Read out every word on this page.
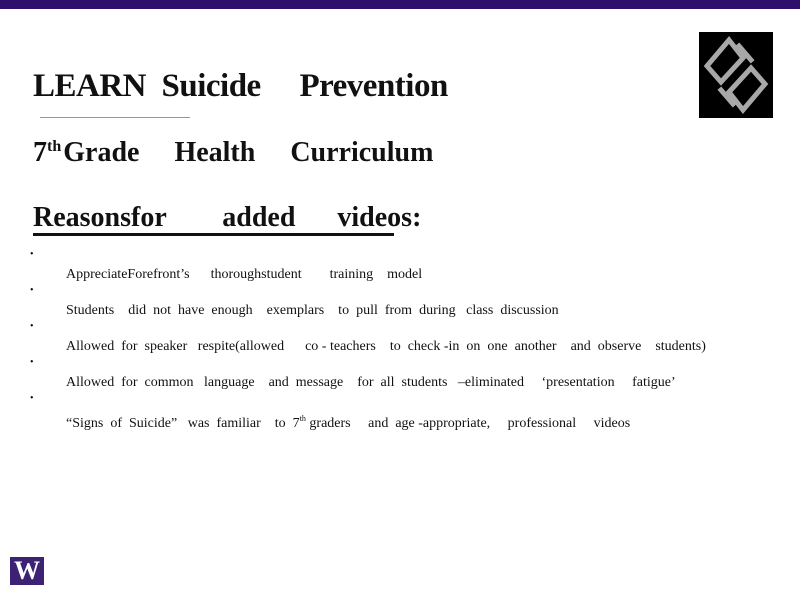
LEARN  Suicide     Prevention
7thGrade     Health     Curriculum
Reasonsfor        added      videos:

•
AppreciateForefront’s      thoroughstudent        training    model

•
Students    did  not  have  enough    exemplars    to  pull  from  during   class  discussion

•
Allowed  for  speaker   respite(allowed      co - teachers    to  check -in  on  one  another    and  observe    students)

•
Allowed  for  common   language    and  message    for  all  students   –eliminated     ‘presentation     fatigue’

•
“Signs  of  Suicide”   was  familiar    to  7th graders     and  age -appropriate,     professional     videos

W
